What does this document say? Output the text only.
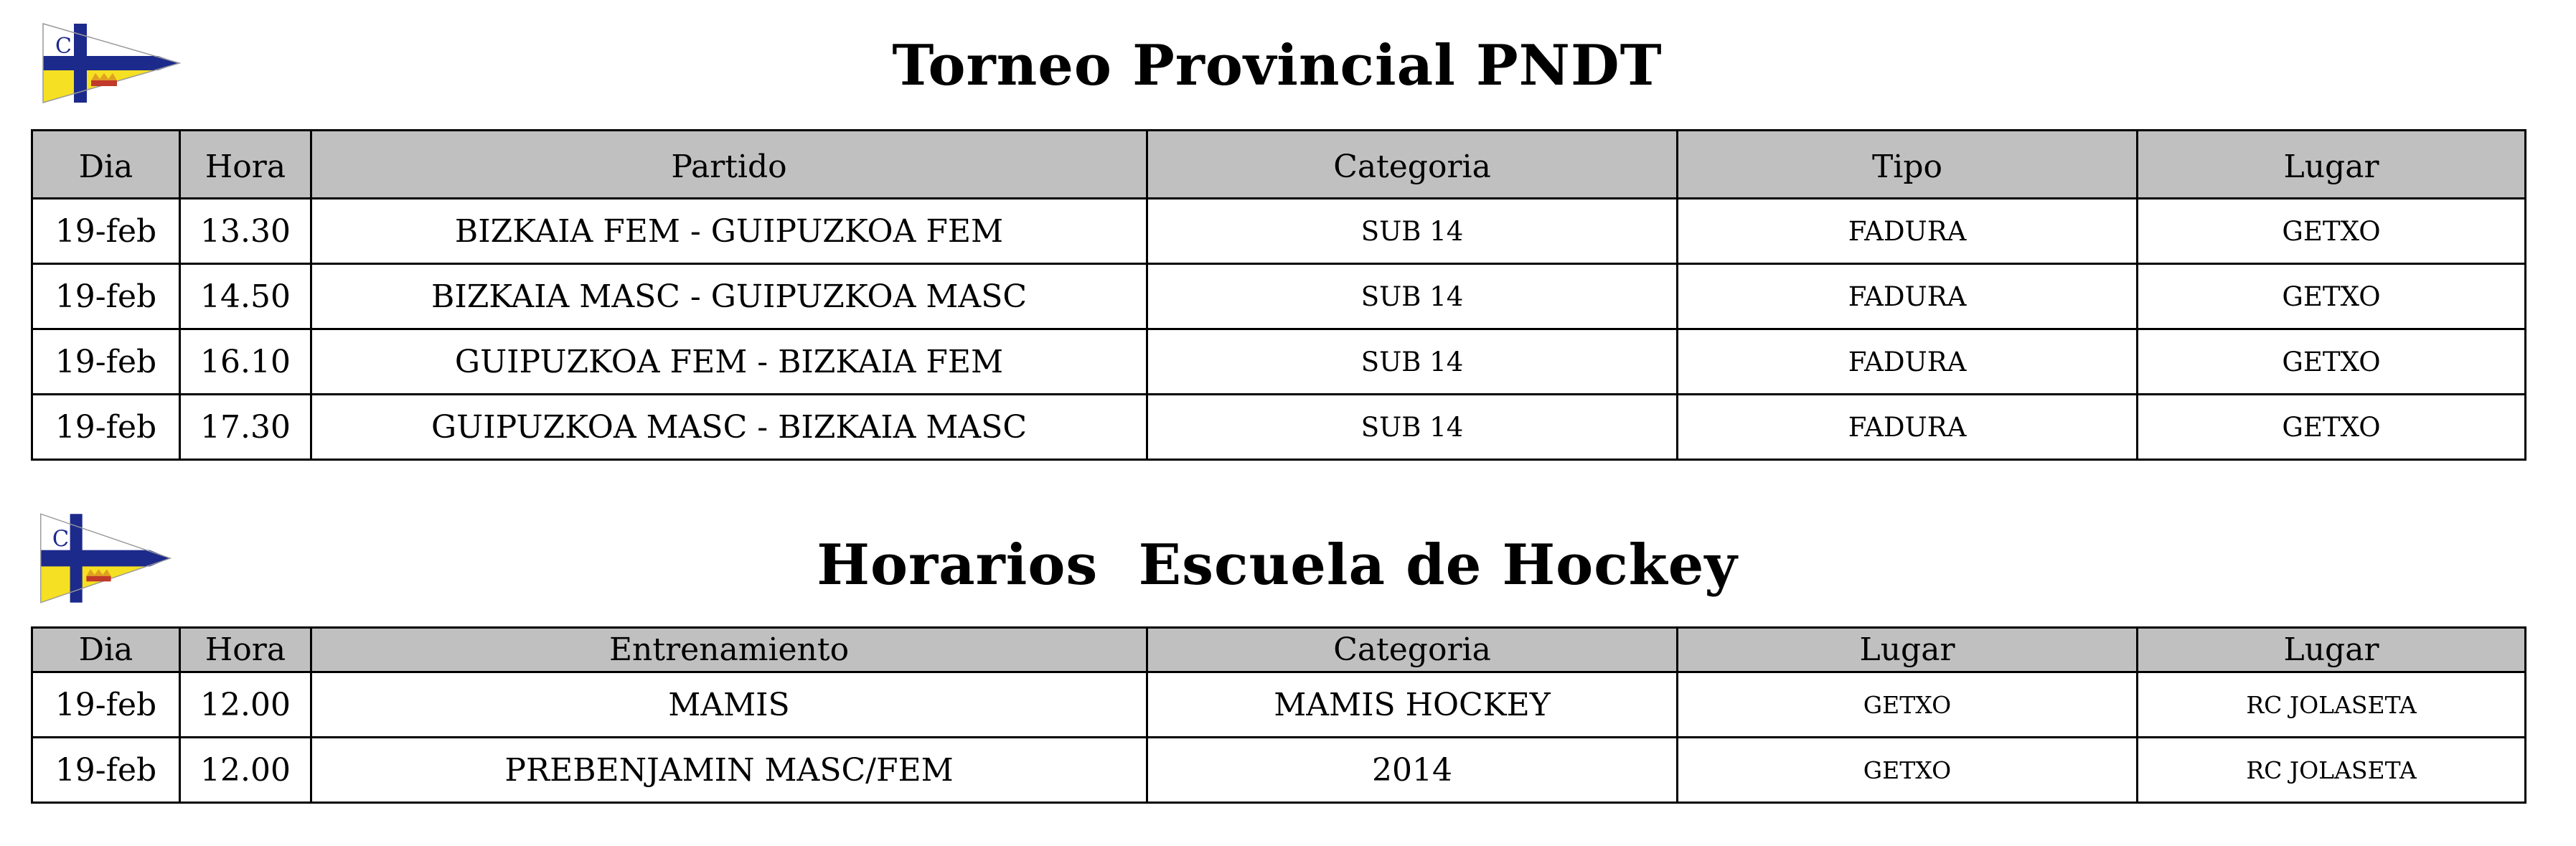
C	Torneo Provincial PNDT
Dia	Hora	Partido	Categoria	Tipo	Lugar
19-feb	13.30	BIZKAIA FEM - GUIPUZKOA FEM	SUB 14	FADURA	GETXO
19-feb	14.50	BIZKAIA MASC - GUIPUZKOA MASC	SUB 14	FADURA	GETXO
19-feb	16.10	GUIPUZKOA FEM - BIZKAIA FEM	SUB 14	FADURA	GETXO
19-feb	17.30	GUIPUZKOA MASC - BIZKAIA MASC	SUB 14	FADURA	GETXO
C	Horarios  Escuela de Hockey
Dia	Hora	Entrenamiento	Categoria	Lugar	Lugar
19-feb	12.00	MAMIS	MAMIS HOCKEY	GETXO	RC JOLASETA
19-feb	12.00	PREBENJAMIN MASC/FEM	2014	GETXO	RC JOLASETA
